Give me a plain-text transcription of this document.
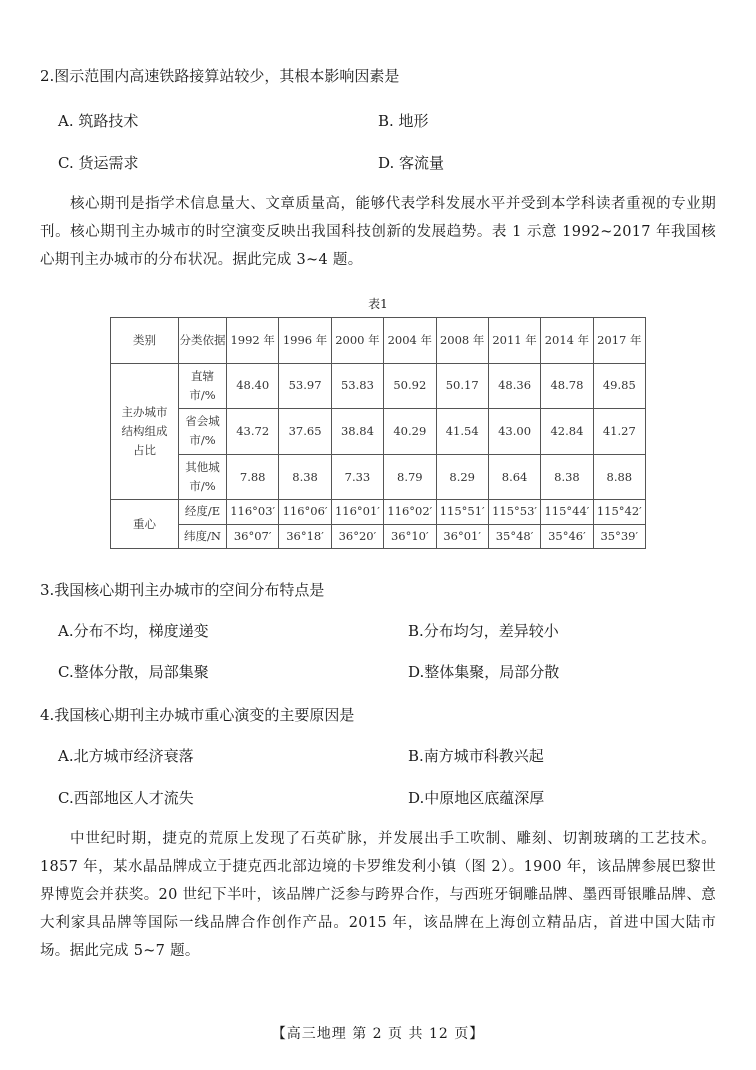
2.图示范围内高速铁路接算站较少，其根本影响因素是
A. 筑路技术	B. 地形
C. 货运需求	D. 客流量
核心期刊是指学术信息量大、文章质量高，能够代表学科发展水平并受到本学科读者重视的专业期刊。核心期刊主办城市的时空演变反映出我国科技创新的发展趋势。表 1 示意 1992~2017 年我国核心期刊主办城市的分布状况。据此完成 3~4 题。
表1
类别	分类依据	1992 年	1996 年	2000 年	2004 年	2008 年	2011 年	2014 年	2017 年
主办城市结构组成占比	直辖市/%	48.40	53.97	53.83	50.92	50.17	48.36	48.78	49.85
	省会城市/%	43.72	37.65	38.84	40.29	41.54	43.00	42.84	41.27
	其他城市/%	7.88	8.38	7.33	8.79	8.29	8.64	8.38	8.88
重心	经度/E	116°03′	116°06′	116°01′	116°02′	115°51′	115°53′	115°44′	115°42′
	纬度/N	36°07′	36°18′	36°20′	36°10′	36°01′	35°48′	35°46′	35°39′
3.我国核心期刊主办城市的空间分布特点是
A.分布不均，梯度递变	B.分布均匀，差异较小
C.整体分散，局部集聚	D.整体集聚，局部分散
4.我国核心期刊主办城市重心演变的主要原因是
A.北方城市经济衰落	B.南方城市科教兴起
C.西部地区人才流失	D.中原地区底蕴深厚
中世纪时期，捷克的荒原上发现了石英矿脉，并发展出手工吹制、雕刻、切割玻璃的工艺技术。1857 年，某水晶品牌成立于捷克西北部边境的卡罗维发利小镇（图 2）。1900 年，该品牌参展巴黎世界博览会并获奖。20 世纪下半叶，该品牌广泛参与跨界合作，与西班牙铜雕品牌、墨西哥银雕品牌、意大利家具品牌等国际一线品牌合作创作产品。2015 年，该品牌在上海创立精品店，首进中国大陆市场。据此完成 5~7 题。
【高三地理 第 2 页 共 12 页】
